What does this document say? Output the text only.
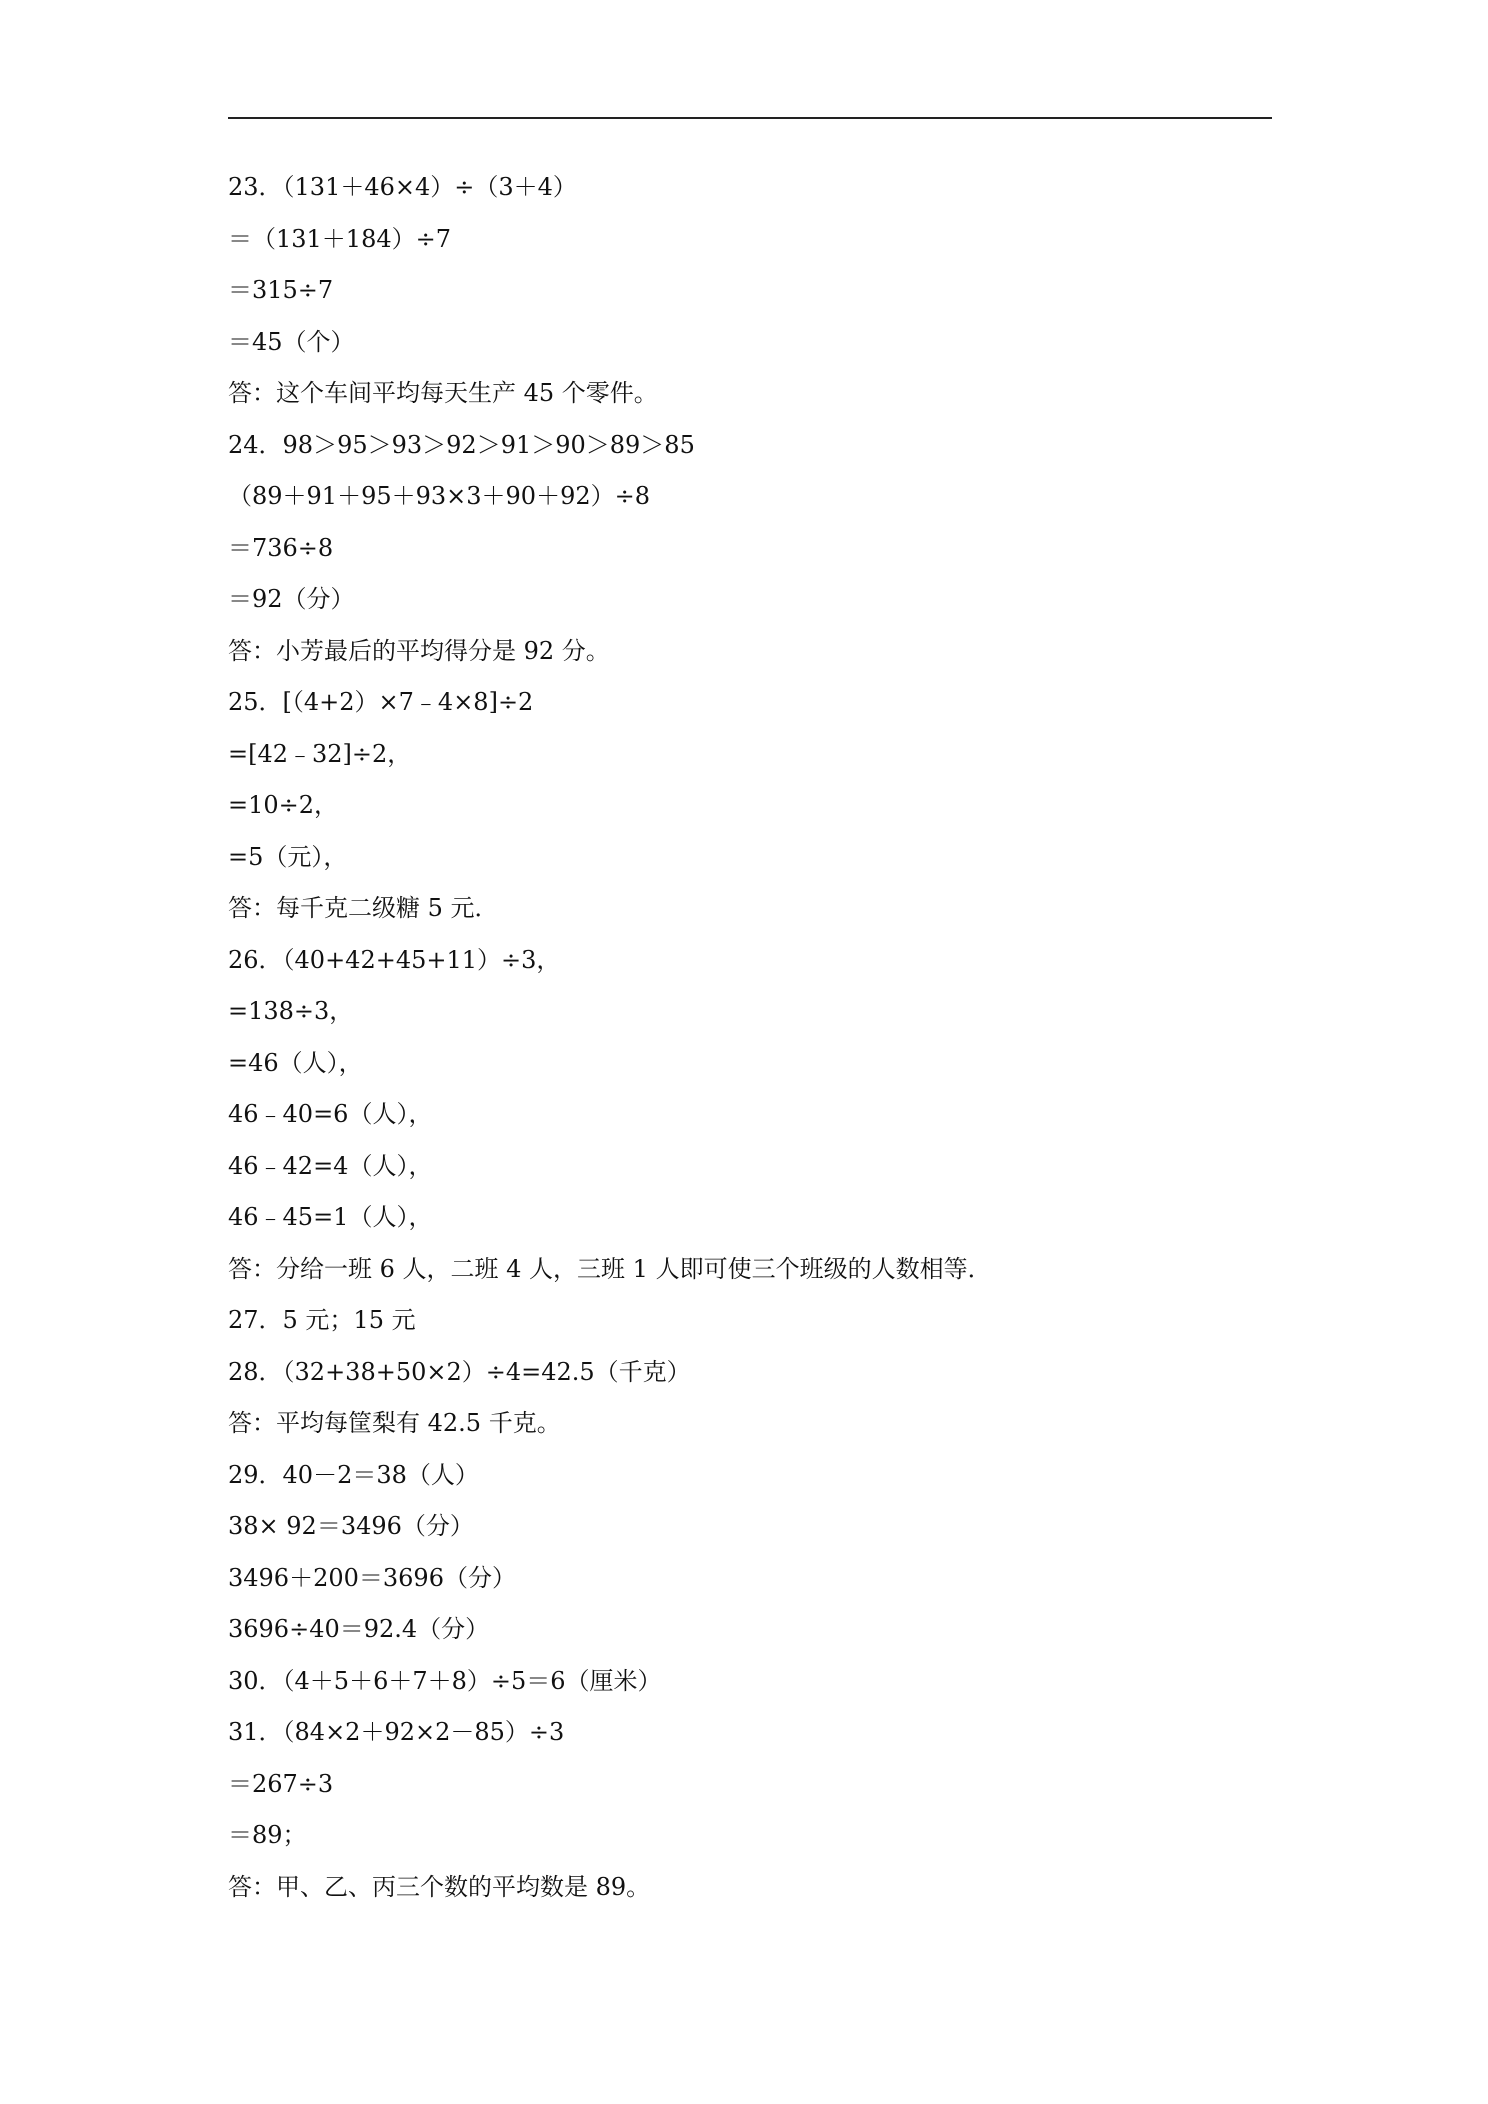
23．（131＋46×4）÷（3＋4）
＝（131＋184）÷7
＝315÷7
＝45（个）
答：这个车间平均每天生产 45 个零件。
24．98＞95＞93＞92＞91＞90＞89＞85
（89＋91＋95＋93×3＋90＋92）÷8
＝736÷8
＝92（分）
答：小芳最后的平均得分是 92 分。
25．[（4+2）×7﹣4×8]÷2
=[42﹣32]÷2，
=10÷2，
=5（元），
答：每千克二级糖 5 元．
26．（40+42+45+11）÷3，
=138÷3，
=46（人），
46﹣40=6（人），
46﹣42=4（人），
46﹣45=1（人），
答：分给一班 6 人，二班 4 人，三班 1 人即可使三个班级的人数相等．
27．5 元；15 元
28．（32+38+50×2）÷4=42.5（千克）
答：平均每筐梨有 42.5 千克。
29．40－2＝38（人）
38× 92＝3496（分）
3496＋200＝3696（分）
3696÷40＝92.4（分）
30．（4＋5＋6＋7＋8）÷5＝6（厘米）
31．（84×2＋92×2－85）÷3
＝267÷3
＝89；
答：甲、乙、丙三个数的平均数是 89。
